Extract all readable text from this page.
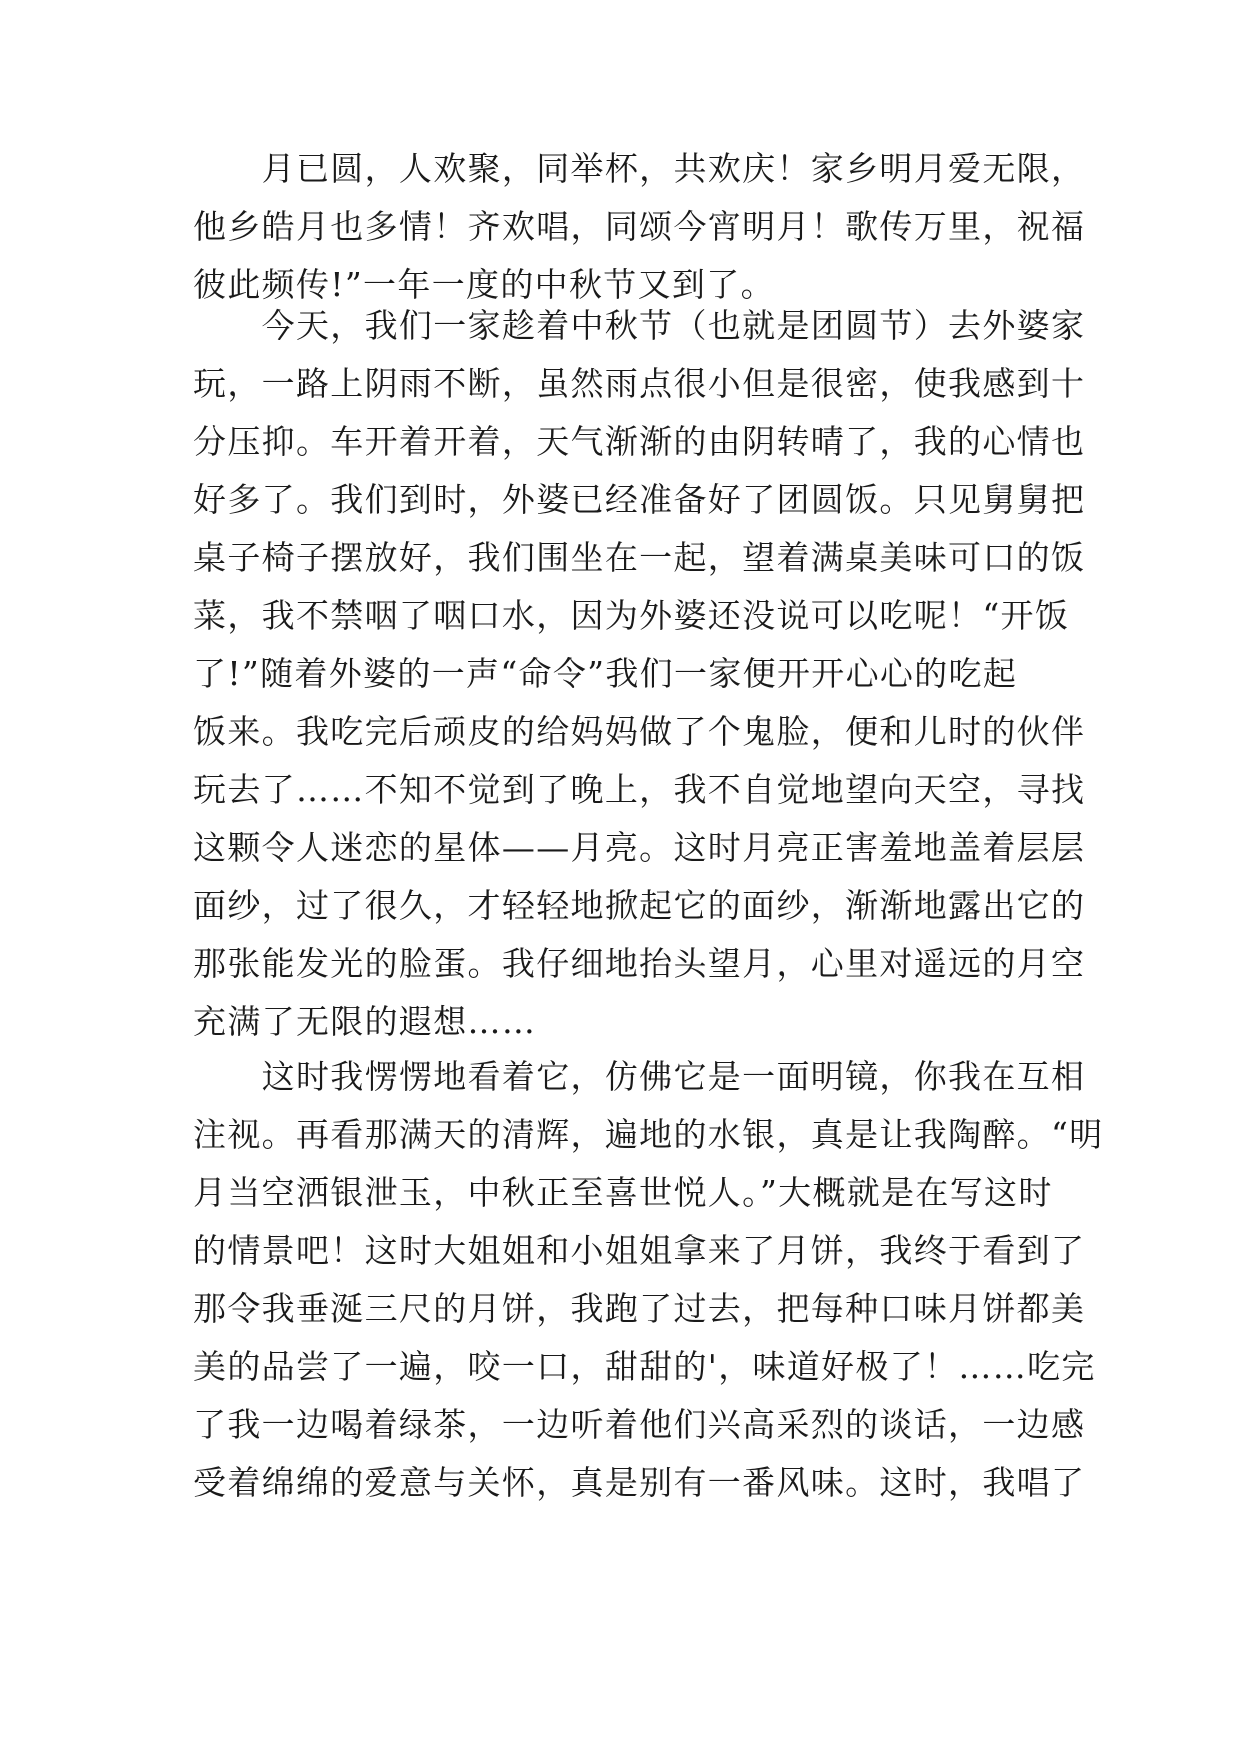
　　月已圆，人欢聚，同举杯，共欢庆！家乡明月爱无限，
他乡皓月也多情！齐欢唱，同颂今宵明月！歌传万里，祝福
彼此频传!”一年一度的中秋节又到了。
　　今天，我们一家趁着中秋节（也就是团圆节）去外婆家
玩，一路上阴雨不断，虽然雨点很小但是很密，使我感到十
分压抑。车开着开着，天气渐渐的由阴转晴了，我的心情也
好多了。我们到时，外婆已经准备好了团圆饭。只见舅舅把
桌子椅子摆放好，我们围坐在一起，望着满桌美味可口的饭
菜，我不禁咽了咽口水，因为外婆还没说可以吃呢！“开饭
了!”随着外婆的一声“命令”我们一家便开开心心的吃起
饭来。我吃完后顽皮的给妈妈做了个鬼脸，便和儿时的伙伴
玩去了……不知不觉到了晚上，我不自觉地望向天空，寻找
这颗令人迷恋的星体——月亮。这时月亮正害羞地盖着层层
面纱，过了很久，才轻轻地掀起它的面纱，渐渐地露出它的
那张能发光的脸蛋。我仔细地抬头望月，心里对遥远的月空
充满了无限的遐想……
　　这时我愣愣地看着它，仿佛它是一面明镜，你我在互相
注视。再看那满天的清辉，遍地的水银，真是让我陶醉。“明
月当空洒银泄玉，中秋正至喜世悦人。”大概就是在写这时
的情景吧！这时大姐姐和小姐姐拿来了月饼，我终于看到了
那令我垂涎三尺的月饼，我跑了过去，把每种口味月饼都美
美的品尝了一遍，咬一口，甜甜的'，味道好极了！……吃完
了我一边喝着绿茶，一边听着他们兴高采烈的谈话，一边感
受着绵绵的爱意与关怀，真是别有一番风味。这时，我唱了
